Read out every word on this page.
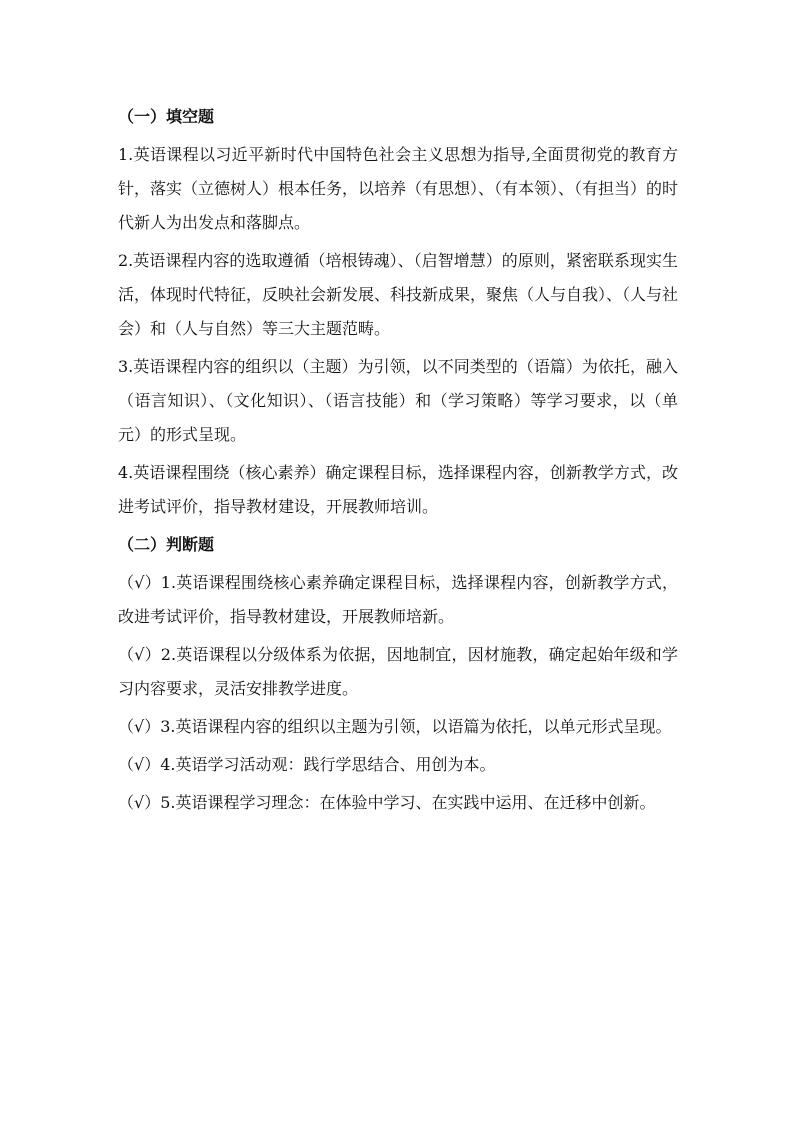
（一）填空题

1.英语课程以习近平新时代中国特色社会主义思想为指导,全面贯彻党的教育方针，落实（立德树人）根本任务，以培养（有思想）、（有本领）、（有担当）的时代新人为出发点和落脚点。

2.英语课程内容的选取遵循（培根铸魂）、（启智增慧）的原则，紧密联系现实生活，体现时代特征，反映社会新发展、科技新成果，聚焦（人与自我）、（人与社会）和（人与自然）等三大主题范畴。

3.英语课程内容的组织以（主题）为引领，以不同类型的（语篇）为依托，融入（语言知识）、（文化知识）、（语言技能）和（学习策略）等学习要求，以（单元）的形式呈现。

4.英语课程围绕（核心素养）确定课程目标，选择课程内容，创新教学方式，改进考试评价，指导教材建设，开展教师培训。

（二）判断题

（√）1.英语课程围绕核心素养确定课程目标，选择课程内容，创新教学方式，改进考试评价，指导教材建设，开展教师培新。

（√）2.英语课程以分级体系为依据，因地制宜，因材施教，确定起始年级和学习内容要求，灵活安排教学进度。

（√）3.英语课程内容的组织以主题为引领，以语篇为依托，以单元形式呈现。

（√）4.英语学习活动观：践行学思结合、用创为本。

（√）5.英语课程学习理念：在体验中学习、在实践中运用、在迁移中创新。
